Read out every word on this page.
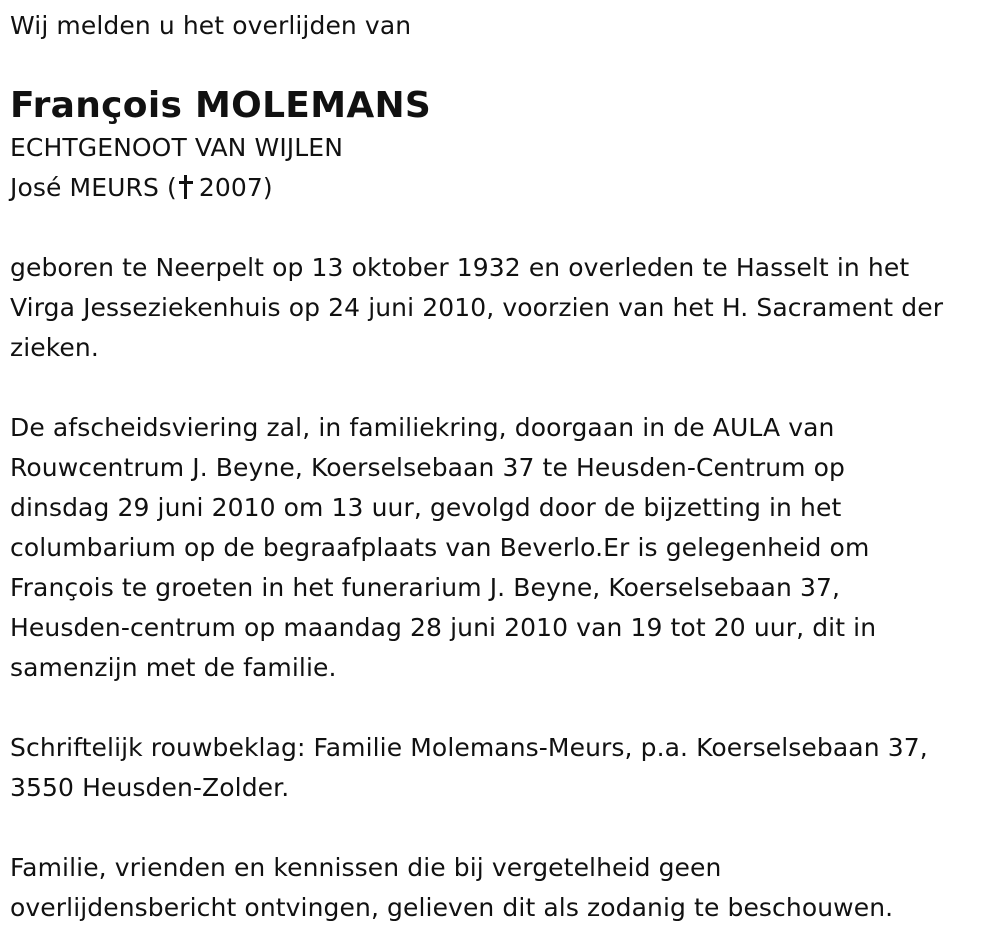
Wij melden u het overlijden van
François MOLEMANS
ECHTGENOOT VAN WIJLEN
José MEURS ( 2007)
geboren te Neerpelt op 13 oktober 1932 en overleden te Hasselt in het
Virga Jesseziekenhuis op 24 juni 2010, voorzien van het H. Sacrament der
zieken.
De afscheidsviering zal, in familiekring, doorgaan in de AULA van
Rouwcentrum J. Beyne, Koerselsebaan 37 te Heusden-Centrum op
dinsdag 29 juni 2010 om 13 uur, gevolgd door de bijzetting in het
columbarium op de begraafplaats van Beverlo.Er is gelegenheid om
François te groeten in het funerarium J. Beyne, Koerselsebaan 37,
Heusden-centrum op maandag 28 juni 2010 van 19 tot 20 uur, dit in
samenzijn met de familie.
Schriftelijk rouwbeklag: Familie Molemans-Meurs, p.a. Koerselsebaan 37,
3550 Heusden-Zolder.
Familie, vrienden en kennissen die bij vergetelheid geen
overlijdensbericht ontvingen, gelieven dit als zodanig te beschouwen.
